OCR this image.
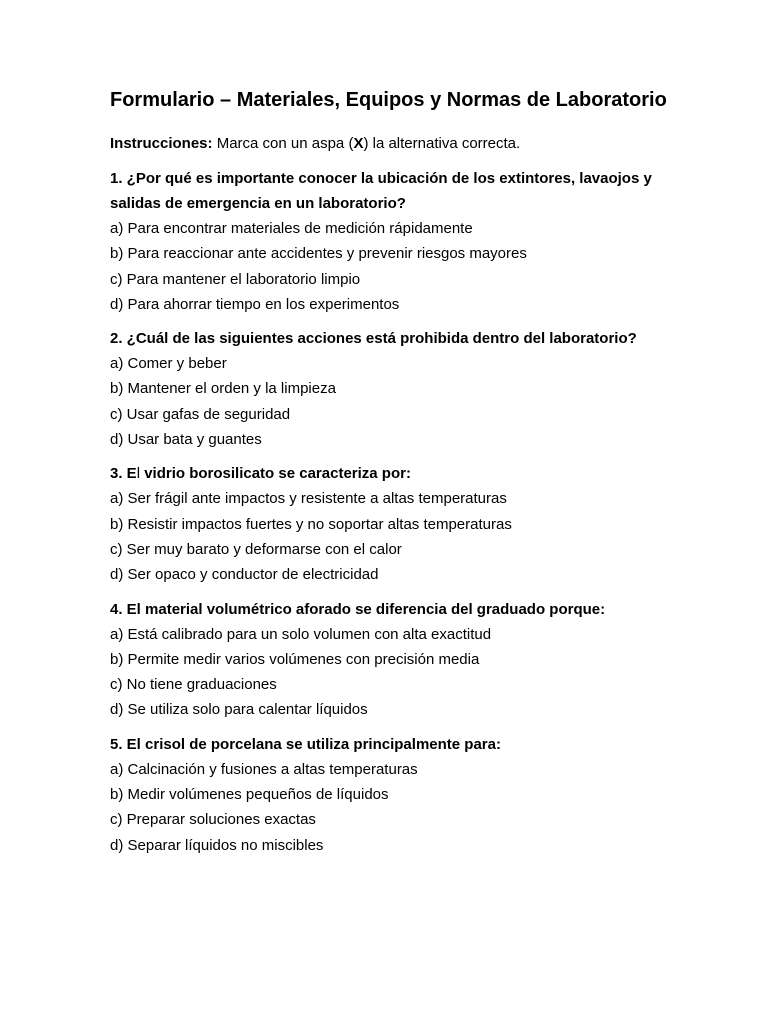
Formulario – Materiales, Equipos y Normas de Laboratorio

Instrucciones: Marca con un aspa (X) la alternativa correcta.

1. ¿Por qué es importante conocer la ubicación de los extintores, lavaojos y salidas de emergencia en un laboratorio?

a) Para encontrar materiales de medición rápidamente

b) Para reaccionar ante accidentes y prevenir riesgos mayores

c) Para mantener el laboratorio limpio

d) Para ahorrar tiempo en los experimentos

2. ¿Cuál de las siguientes acciones está prohibida dentro del laboratorio?

a) Comer y beber

b) Mantener el orden y la limpieza

c) Usar gafas de seguridad

d) Usar bata y guantes

3. El vidrio borosilicato se caracteriza por:

a) Ser frágil ante impactos y resistente a altas temperaturas

b) Resistir impactos fuertes y no soportar altas temperaturas

c) Ser muy barato y deformarse con el calor

d) Ser opaco y conductor de electricidad

4. El material volumétrico aforado se diferencia del graduado porque:

a) Está calibrado para un solo volumen con alta exactitud

b) Permite medir varios volúmenes con precisión media

c) No tiene graduaciones

d) Se utiliza solo para calentar líquidos

5. El crisol de porcelana se utiliza principalmente para:

a) Calcinación y fusiones a altas temperaturas

b) Medir volúmenes pequeños de líquidos

c) Preparar soluciones exactas

d) Separar líquidos no miscibles
